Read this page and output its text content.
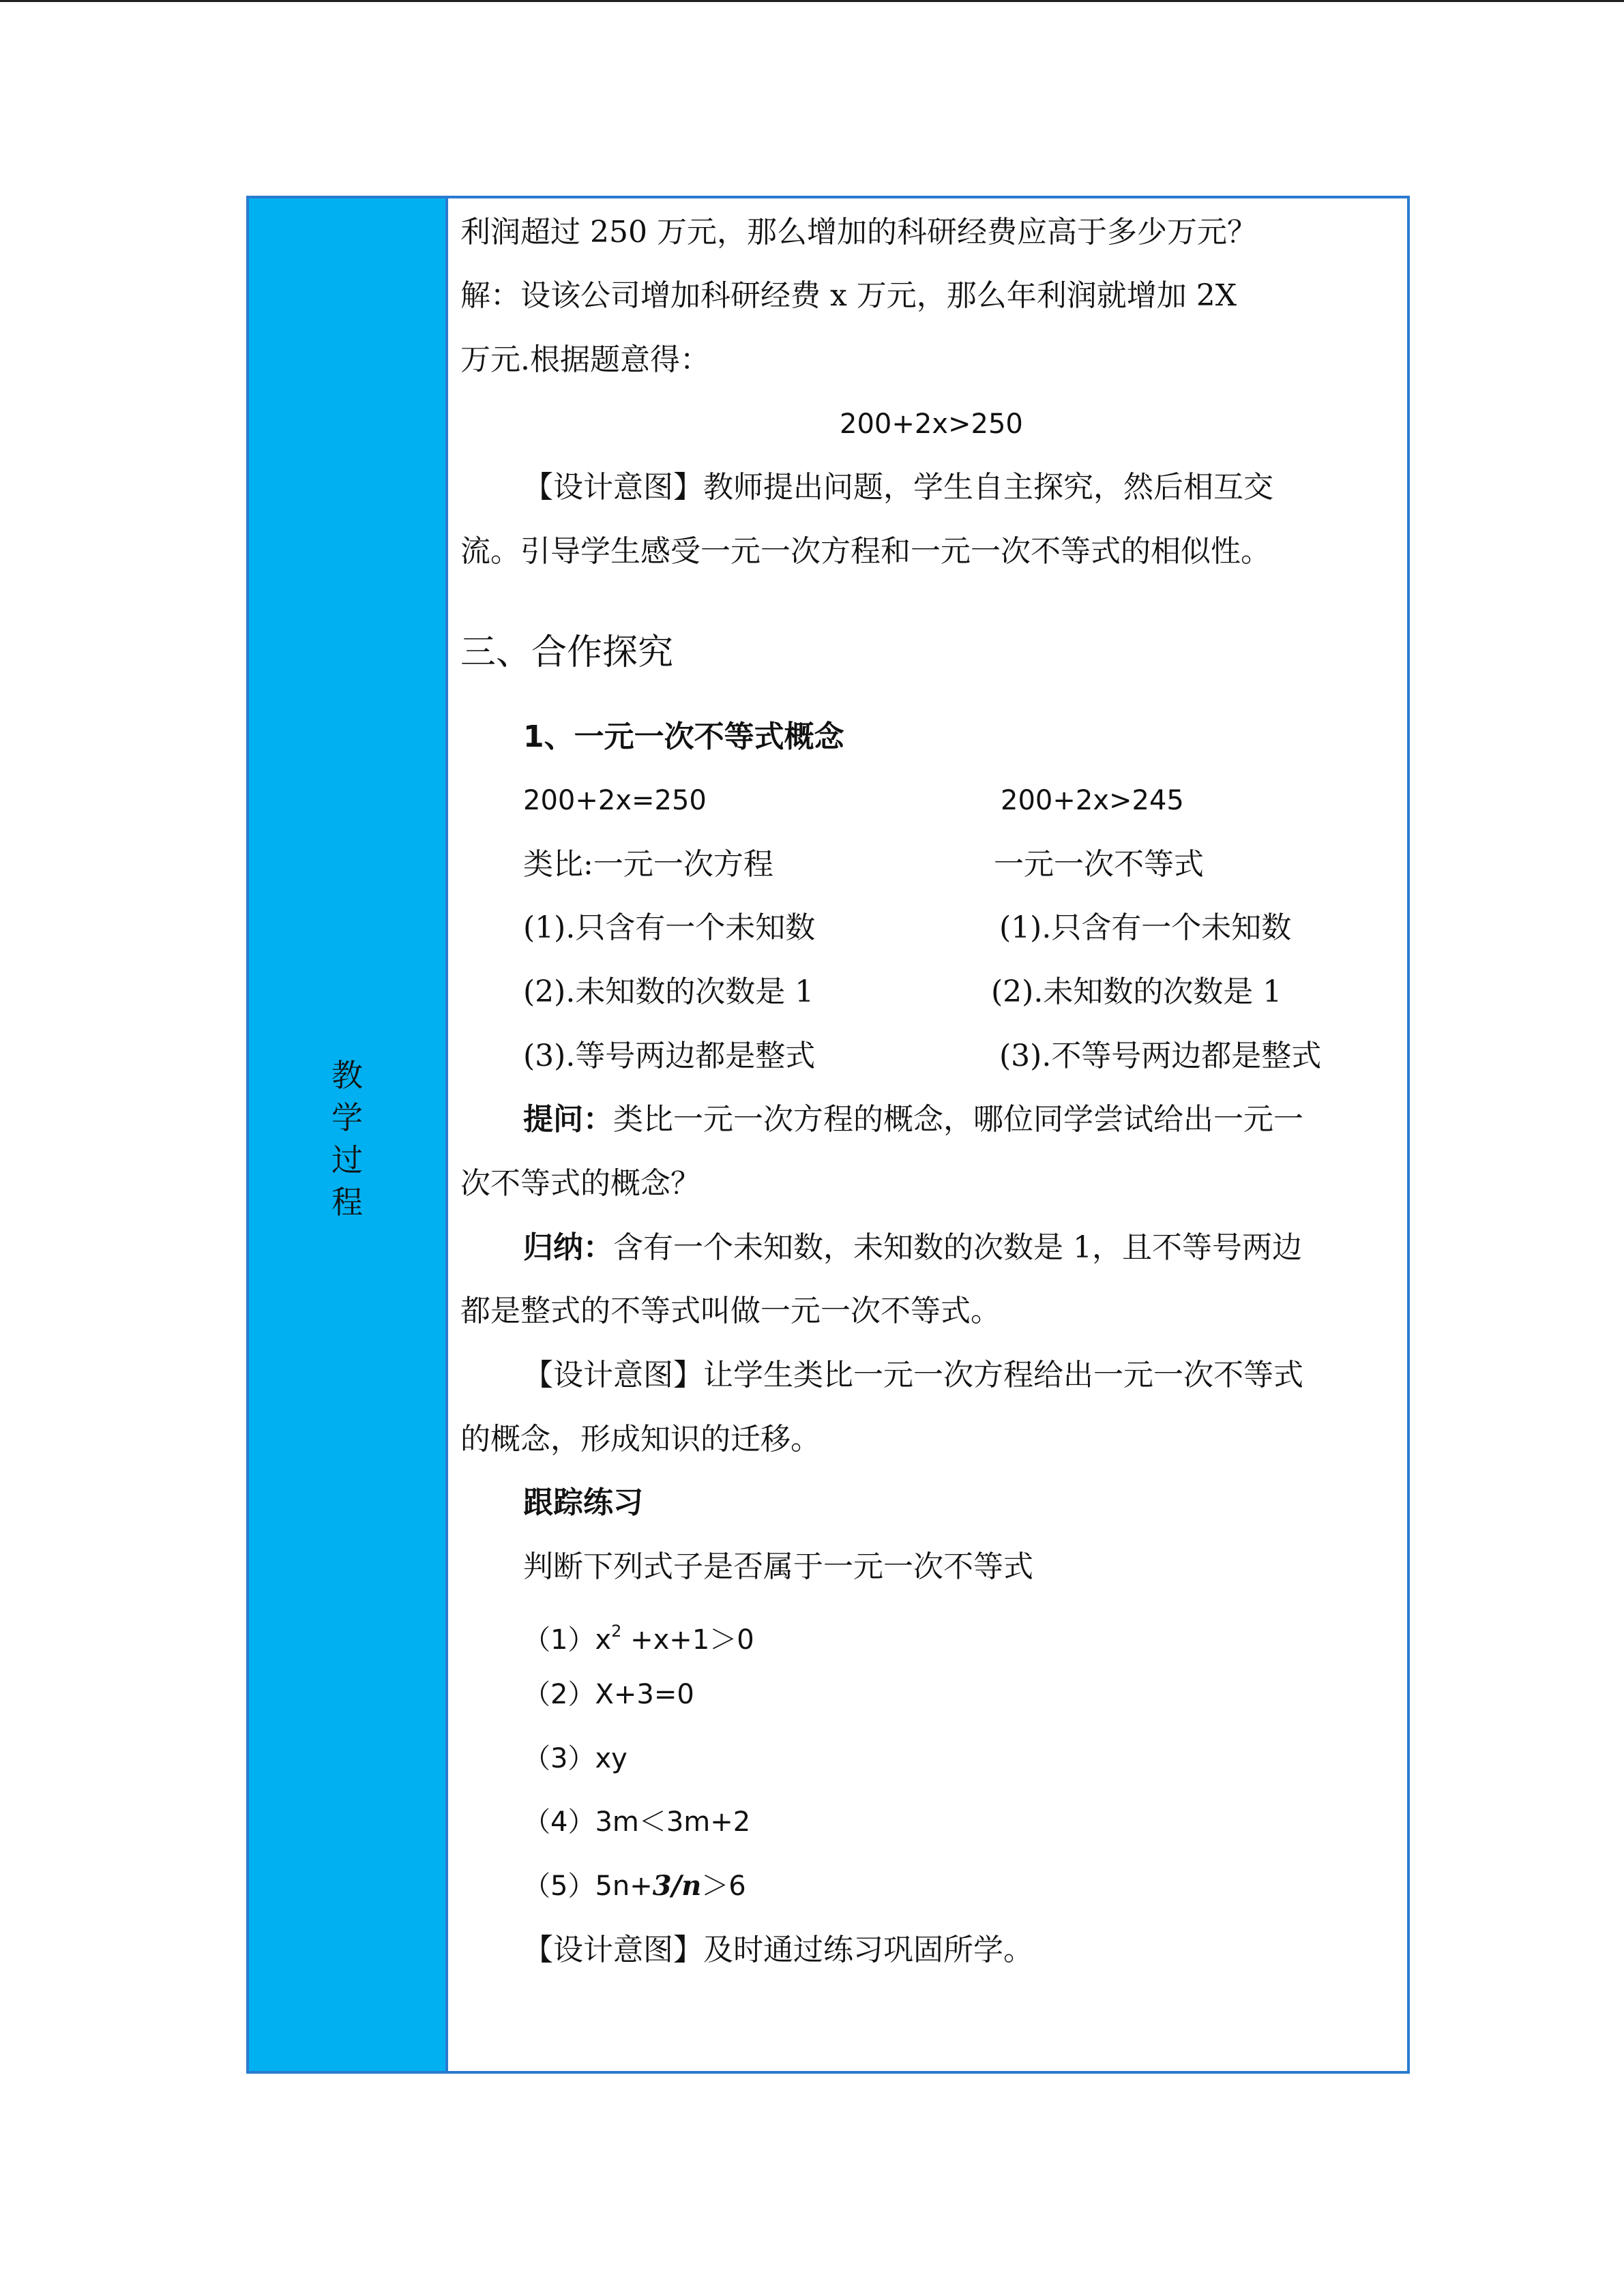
教
学
过
程
利润超过 250 万元，那么增加的科研经费应高于多少万元？
解：设该公司增加科研经费 x 万元，那么年利润就增加 2X
万元.根据题意得：
200+2x>250
【设计意图】教师提出问题，学生自主探究，然后相互交
流。引导学生感受一元一次方程和一元一次不等式的相似性。
三、合作探究
1、一元一次不等式概念
200+2x=250	200+2x>245
类比:一元一次方程	一元一次不等式
(1).只含有一个未知数	(1).只含有一个未知数
(2).未知数的次数是 1	(2).未知数的次数是 1
(3).等号两边都是整式	(3).不等号两边都是整式
提问：类比一元一次方程的概念，哪位同学尝试给出一元一
次不等式的概念？
归纳：含有一个未知数，未知数的次数是 1，且不等号两边
都是整式的不等式叫做一元一次不等式。
【设计意图】让学生类比一元一次方程给出一元一次不等式
的概念，形成知识的迁移。
跟踪练习
判断下列式子是否属于一元一次不等式
$(1)x^2 +x+1>0$
（2）X+3=0
（3）xy
（4）3m＜3m+2
（5）5n+3/n＞6
【设计意图】及时通过练习巩固所学。
